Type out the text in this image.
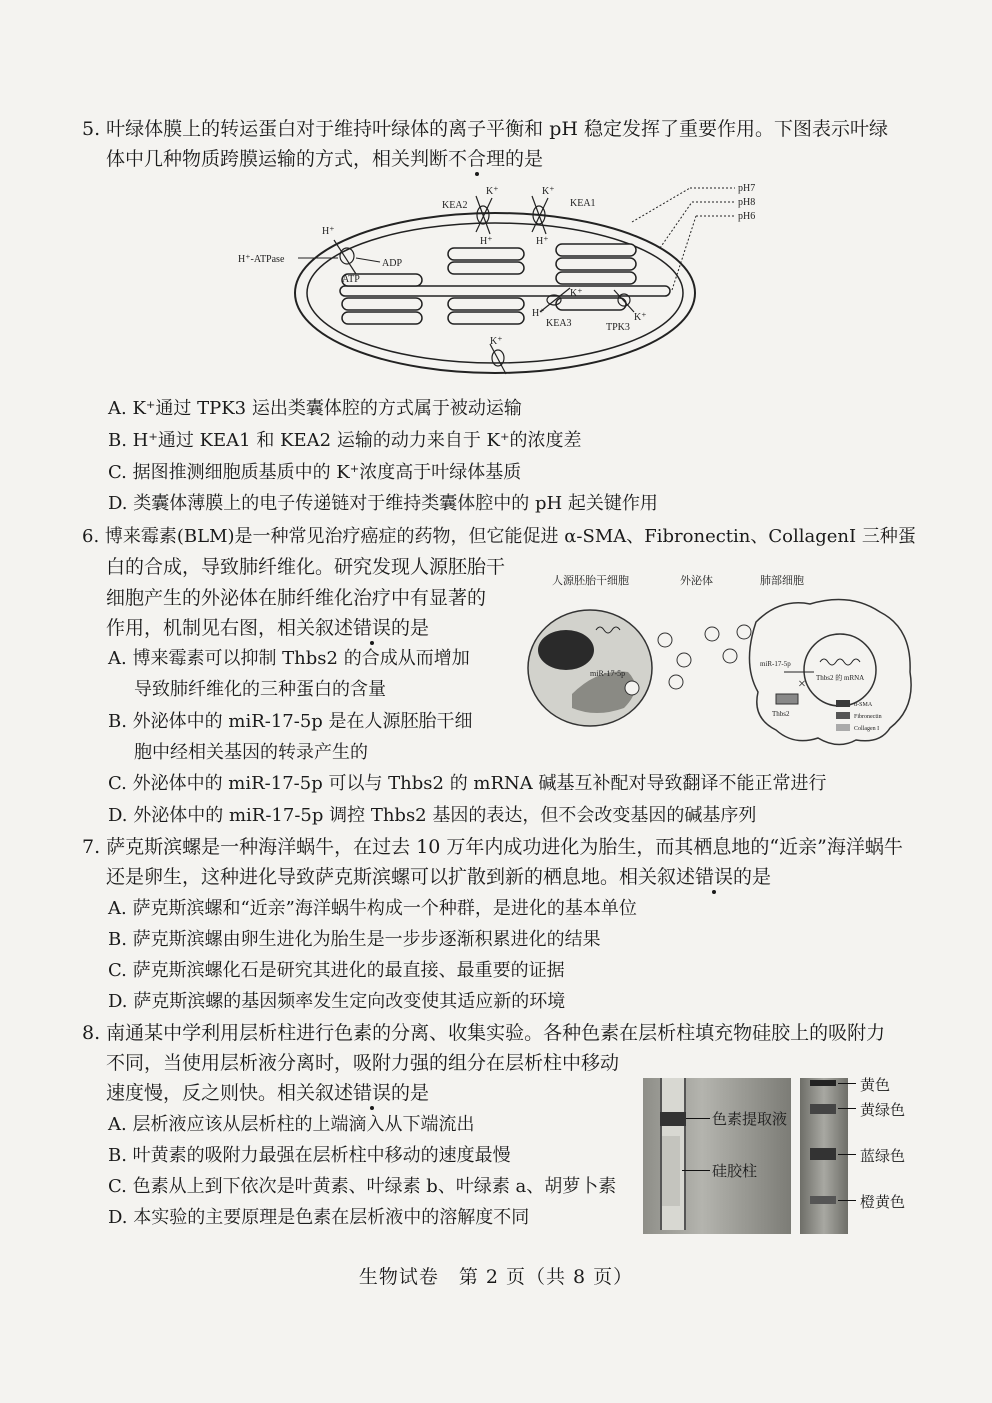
5. 叶绿体膜上的转运蛋白对于维持叶绿体的离子平衡和 pH 稳定发挥了重要作用。下图表示叶绿
体中几种物质跨膜运输的方式，相关判断不合理的是
KEA2	KEA1
K⁺	K⁺
H⁺	H⁺
H⁺
H⁺-ATPase	ADP
ATP
K⁺
H⁺
KEA3
K⁺
TPK3
K⁺
pH7
pH8
pH6
A. K⁺通过 TPK3 运出类囊体腔的方式属于被动运输
B. H⁺通过 KEA1 和 KEA2 运输的动力来自于 K⁺的浓度差
C. 据图推测细胞质基质中的 K⁺浓度高于叶绿体基质
D. 类囊体薄膜上的电子传递链对于维持类囊体腔中的 pH 起关键作用
6. 博来霉素(BLM)是一种常见治疗癌症的药物，但它能促进 α-SMA、Fibronectin、CollagenI 三种蛋
白的合成，导致肺纤维化。研究发现人源胚胎干
细胞产生的外泌体在肺纤维化治疗中有显著的
作用，机制见右图，相关叙述错误的是
人源胚胎干细胞	外泌体	肺部细胞
miR-17-5p	Thbs2 的 mRNA
miR-17-5p
×
Thbs2
α-SMA
Fibronectin
Collagen I
A. 博来霉素可以抑制 Thbs2 的合成从而增加
导致肺纤维化的三种蛋白的含量
B. 外泌体中的 miR-17-5p 是在人源胚胎干细
胞中经相关基因的转录产生的
C. 外泌体中的 miR-17-5p 可以与 Thbs2 的 mRNA 碱基互补配对导致翻译不能正常进行
D. 外泌体中的 miR-17-5p 调控 Thbs2 基因的表达，但不会改变基因的碱基序列
7. 萨克斯滨螺是一种海洋蜗牛，在过去 10 万年内成功进化为胎生，而其栖息地的“近亲”海洋蜗牛
还是卵生，这种进化导致萨克斯滨螺可以扩散到新的栖息地。相关叙述错误的是
A. 萨克斯滨螺和“近亲”海洋蜗牛构成一个种群，是进化的基本单位
B. 萨克斯滨螺由卵生进化为胎生是一步步逐渐积累进化的结果
C. 萨克斯滨螺化石是研究其进化的最直接、最重要的证据
D. 萨克斯滨螺的基因频率发生定向改变使其适应新的环境
8. 南通某中学利用层析柱进行色素的分离、收集实验。各种色素在层析柱填充物硅胶上的吸附力
不同，当使用层析液分离时，吸附力强的组分在层析柱中移动
速度慢，反之则快。相关叙述错误的是
A. 层析液应该从层析柱的上端滴入从下端流出
B. 叶黄素的吸附力最强在层析柱中移动的速度最慢
C. 色素从上到下依次是叶黄素、叶绿素 b、叶绿素 a、胡萝卜素
D. 本实验的主要原理是色素在层析液中的溶解度不同
色素提取液
硅胶柱
黄色
黄绿色
蓝绿色
橙黄色
生物试卷　第 2 页（共 8 页）
